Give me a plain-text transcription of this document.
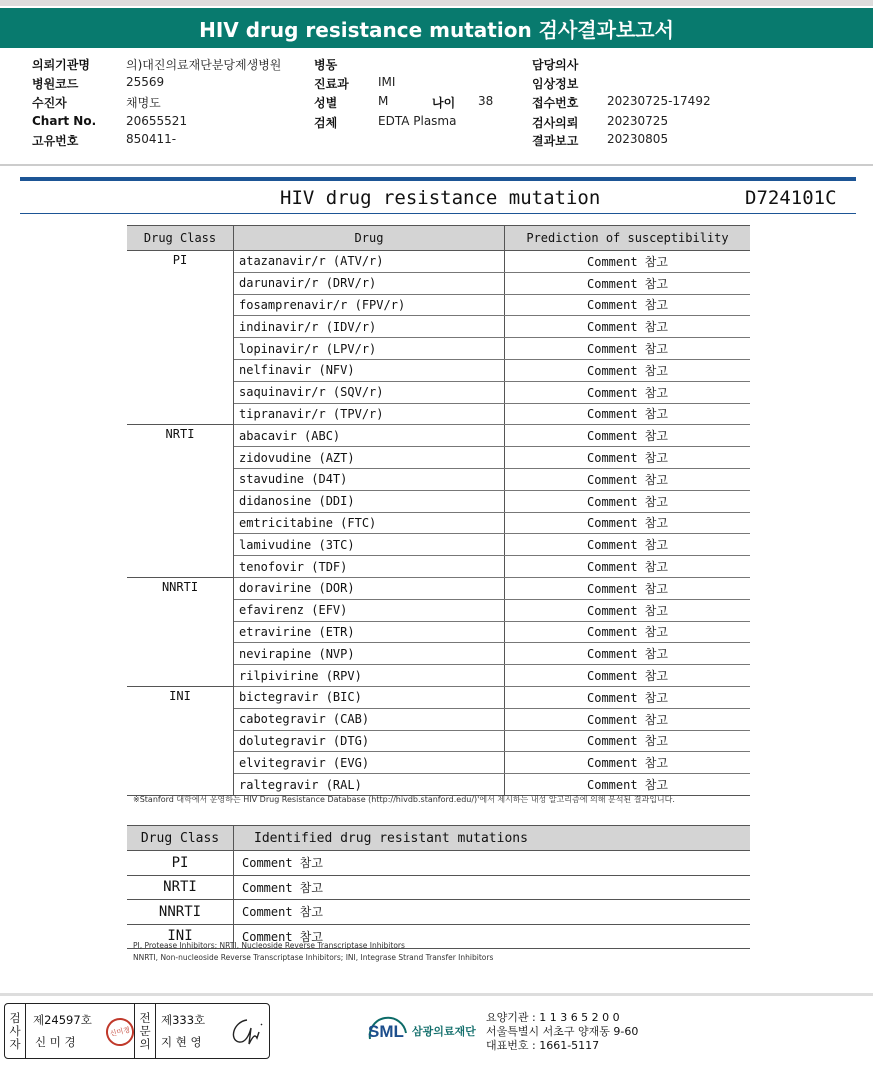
HIV drug resistance mutation 검사결과보고서
의뢰기관명	의)대진의료재단분당제생병원
병원코드	25569
수진자	채명도
Chart No. 20655521
고유번호	850411-
병동
진료과 IMI
성별	M
검체	EDTA Plasma
나이 38
담당의사
임상정보
접수번호 20230725-17492
검사의뢰 20230725
결과보고 20230805
HIV drug resistance mutation	D724101C
Drug Class	Drug	Prediction of susceptibility
PI	atazanavir/r (ATV/r)	Comment 참고
	darunavir/r (DRV/r)	Comment 참고
	fosamprenavir/r (FPV/r)	Comment 참고
	indinavir/r (IDV/r)	Comment 참고
	lopinavir/r (LPV/r)	Comment 참고
	nelfinavir (NFV)	Comment 참고
	saquinavir/r (SQV/r)	Comment 참고
	tipranavir/r (TPV/r)	Comment 참고
NRTI	abacavir (ABC)	Comment 참고
	zidovudine (AZT)	Comment 참고
	stavudine (D4T)	Comment 참고
	didanosine (DDI)	Comment 참고
	emtricitabine (FTC)	Comment 참고
	lamivudine (3TC)	Comment 참고
	tenofovir (TDF)	Comment 참고
NNRTI	doravirine (DOR)	Comment 참고
	efavirenz (EFV)	Comment 참고
	etravirine (ETR)	Comment 참고
	nevirapine (NVP)	Comment 참고
	rilpivirine (RPV)	Comment 참고
INI	bictegravir (BIC)	Comment 참고
	cabotegravir (CAB)	Comment 참고
	dolutegravir (DTG)	Comment 참고
	elvitegravir (EVG)	Comment 참고
	raltegravir (RAL)	Comment 참고
※Stanford 대학에서 운영하는 HIV Drug Resistance Database (http://hivdb.stanford.edu/)'에서 제시하는 내성 알고리즘에 의해 분석된 결과입니다.
Drug Class	Identified drug resistant mutations
PI	Comment 참고
NRTI	Comment 참고
NNRTI	Comment 참고
INI	Comment 참고
PI, Protease Inhibitors; NRTI, Nucleoside Reverse Transcriptase Inhibitors
NNRTI, Non-nucleoside Reverse Transcriptase Inhibitors; INI, Integrase Strand Transfer Inhibitors
검
사
자
제24597호
신 미 경
신미경
전
문
의
제333호
지 현 영
SML 삼광의료재단
요양기관 : 1 1 3 6 5 2 0 0
서울특별시 서초구 양재동 9-60
대표번호 : 1661-5117
